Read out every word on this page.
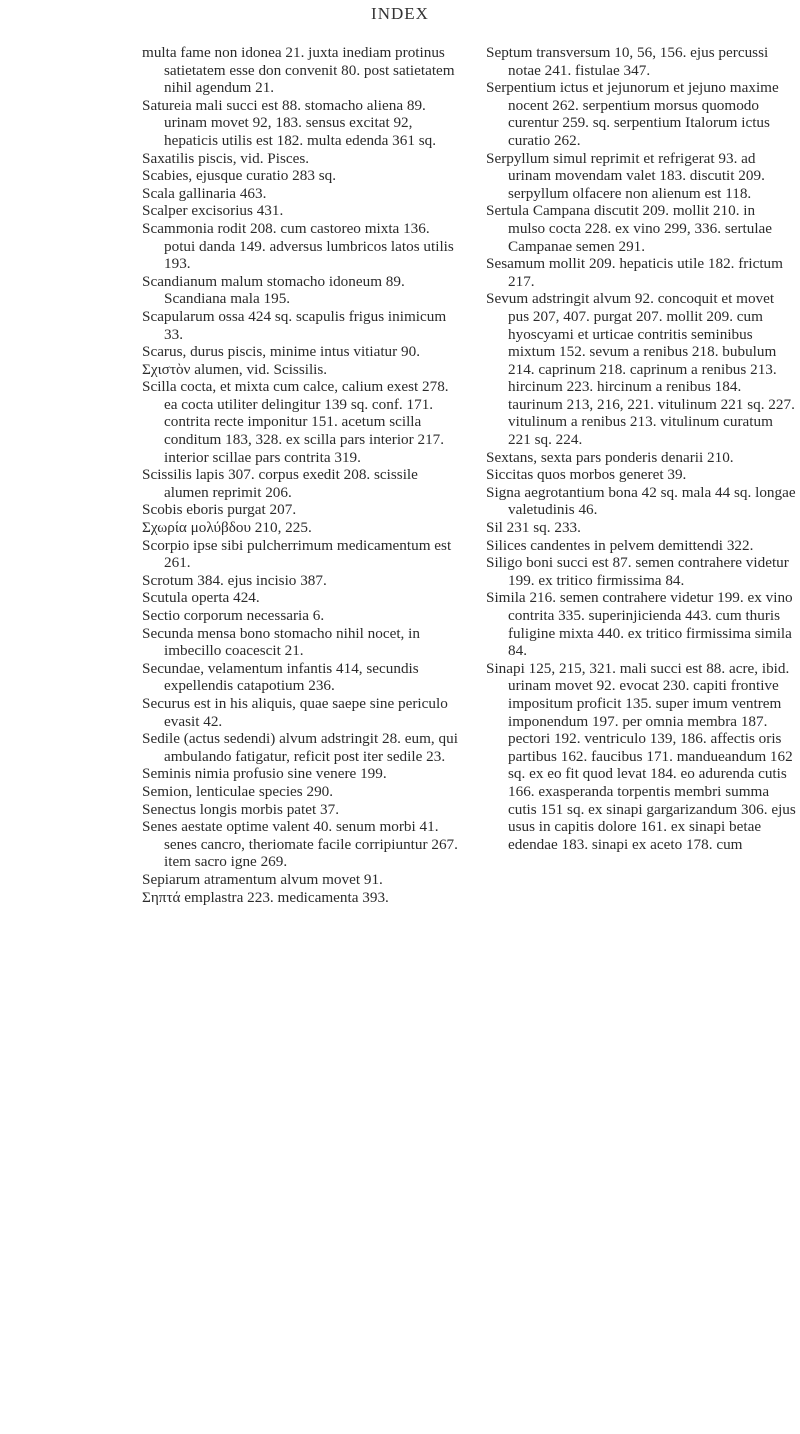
INDEX

multa fame non idonea 21. juxta inediam protinus satietatem esse don convenit 80. post satietatem nihil agendum 21.

Satureia mali succi est 88. stomacho aliena 89. urinam movet 92, 183. sensus excitat 92, hepaticis utilis est 182. multa edenda 361 sq.

Saxatilis piscis, vid. Pisces.

Scabies, ejusque curatio 283 sq.

Scala gallinaria 463.

Scalper excisorius 431.

Scammonia rodit 208. cum castoreo mixta 136. potui danda 149. adversus lumbricos latos utilis 193.

Scandianum malum stomacho idoneum 89. Scandiana mala 195.

Scapularum ossa 424 sq. scapulis frigus inimicum 33.

Scarus, durus piscis, minime intus vitiatur 90.

Σχιστὸν alumen, vid. Scissilis.

Scilla cocta, et mixta cum calce, calium exest 278. ea cocta utiliter delingitur 139 sq. conf. 171. contrita recte imponitur 151. acetum scilla conditum 183, 328. ex scilla pars interior 217. interior scillae pars contrita 319.

Scissilis lapis 307. corpus exedit 208. scissile alumen reprimit 206.

Scobis eboris purgat 207.

Σχωρία μολύβδου 210, 225.

Scorpio ipse sibi pulcherrimum medicamentum est 261.

Scrotum 384. ejus incisio 387.

Scutula operta 424.

Sectio corporum necessaria 6.

Secunda mensa bono stomacho nihil nocet, in imbecillo coacescit 21.

Secundae, velamentum infantis 414, secundis expellendis catapotium 236.

Securus est in his aliquis, quae saepe sine periculo evasit 42.

Sedile (actus sedendi) alvum adstringit 28. eum, qui ambulando fatigatur, reficit post iter sedile 23.

Seminis nimia profusio sine venere 199.

Semion, lenticulae species 290.

Senectus longis morbis patet 37.

Senes aestate optime valent 40. senum morbi 41. senes cancro, theriomate facile corripiuntur 267. item sacro igne 269.

Sepiarum atramentum alvum movet 91.

Σηπτά emplastra 223. medicamenta 393.

Septum transversum 10, 56, 156. ejus percussi notae 241. fistulae 347.

Serpentium ictus et jejunorum et jejuno maxime nocent 262. serpentium morsus quomodo curentur 259. sq. serpentium Italorum ictus curatio 262.

Serpyllum simul reprimit et refrigerat 93. ad urinam movendam valet 183. discutit 209. serpyllum olfacere non alienum est 118.

Sertula Campana discutit 209. mollit 210. in mulso cocta 228. ex vino 299, 336. sertulae Campanae semen 291.

Sesamum mollit 209. hepaticis utile 182. frictum 217.

Sevum adstringit alvum 92. concoquit et movet pus 207, 407. purgat 207. mollit 209. cum hyoscyami et urticae contritis seminibus mixtum 152. sevum a renibus 218. bubulum 214. caprinum 218. caprinum a renibus 213. hircinum 223. hircinum a renibus 184. taurinum 213, 216, 221. vitulinum 221 sq. 227. vitulinum a renibus 213. vitulinum curatum 221 sq. 224.

Sextans, sexta pars ponderis denarii 210.

Siccitas quos morbos generet 39.

Signa aegrotantium bona 42 sq. mala 44 sq. longae valetudinis 46.

Sil 231 sq. 233.

Silices candentes in pelvem demittendi 322.

Siligo boni succi est 87. semen contrahere videtur 199. ex tritico firmissima 84.

Simila 216. semen contrahere videtur 199. ex vino contrita 335. superinjicienda 443. cum thuris fuligine mixta 440. ex tritico firmissima simila 84.

Sinapi 125, 215, 321. mali succi est 88. acre, ibid. urinam movet 92. evocat 230. capiti frontive impositum proficit 135. super imum ventrem imponendum 197. per omnia membra 187. pectori 192. ventriculo 139, 186. affectis oris partibus 162. faucibus 171. mandueandum 162 sq. ex eo fit quod levat 184. eo adurenda cutis 166. exasperanda torpentis membri summa cutis 151 sq. ex sinapi gargarizandum 306. ejus usus in capitis dolore 161. ex sinapi betae edendae 183. sinapi ex aceto 178. cum
